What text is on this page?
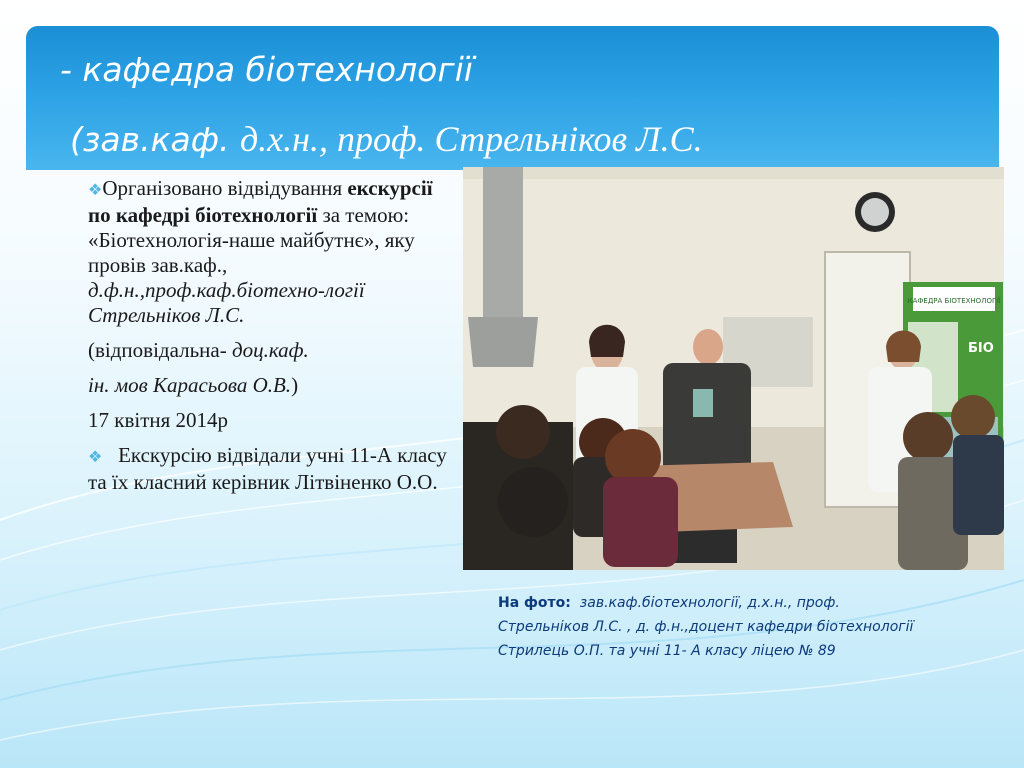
- кафедра біотехнології
(зав.каф. д.х.н., проф. Стрельніков Л.С.

❖Організовано відвідування екскурсії по кафедрі біотехнології за темою: «Біотехнологія-наше майбутнє», яку провів зав.каф., д.ф.н.,проф.каф.біотехно-логії Стрельніков Л.С.

(відповідальна- доц.каф.

ін. мов Карасьова О.В.)

17 квітня 2014р

❖ Екскурсію відвідали учні 11-А класу та їх класний керівник Літвіненко О.О.

КАФЕДРА БІОТЕХНОЛОГІЇ
БІО
На фото: зав.каф.біотехнології, д.х.н., проф. Стрельніков Л.С. , д. ф.н.,доцент кафедри біотехнології Стрилець О.П. та учні 11- А класу ліцею № 89
